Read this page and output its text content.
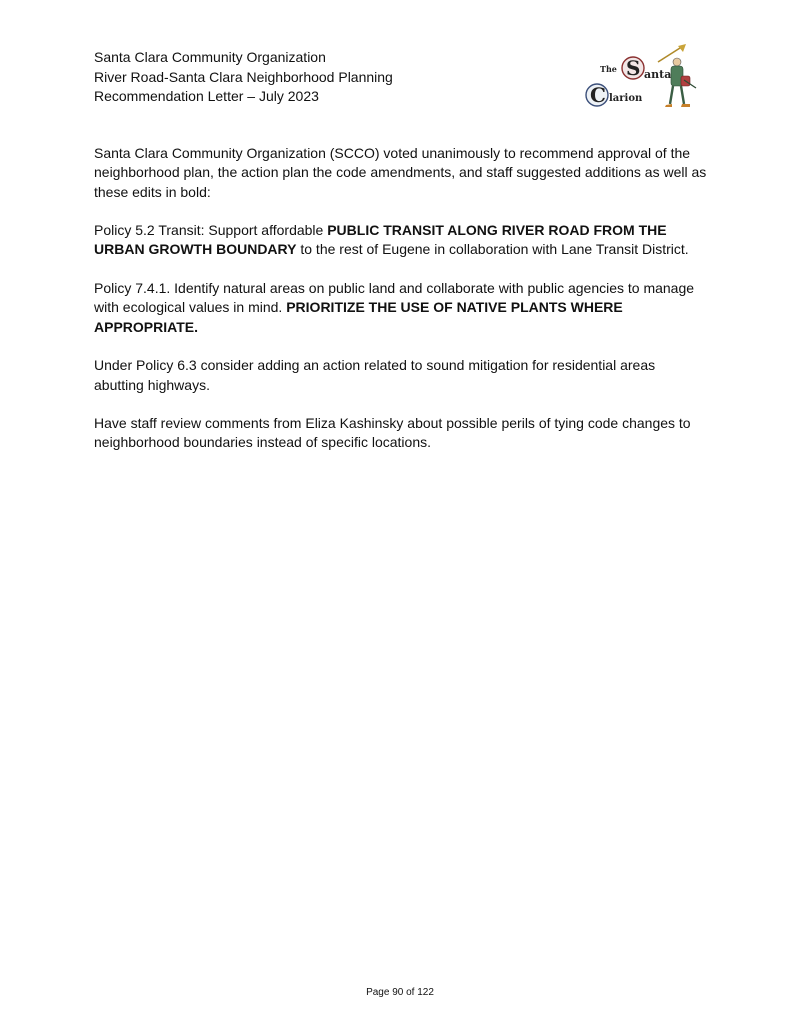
Santa Clara Community Organization
River Road-Santa Clara Neighborhood Planning
Recommendation Letter – July 2023
S
C
The anta
larion

Santa Clara Community Organization (SCCO) voted unanimously to recommend approval of the neighborhood plan, the action plan the code amendments, and staff suggested additions as well as these edits in bold:

Policy 5.2 Transit: Support affordable PUBLIC TRANSIT ALONG RIVER ROAD FROM THE URBAN GROWTH BOUNDARY to the rest of Eugene in collaboration with Lane Transit District.

Policy 7.4.1. Identify natural areas on public land and collaborate with public agencies to manage with ecological values in mind. PRIORITIZE THE USE OF NATIVE PLANTS WHERE APPROPRIATE.

Under Policy 6.3 consider adding an action related to sound mitigation for residential areas abutting highways.

Have staff review comments from Eliza Kashinsky about possible perils of tying code changes to neighborhood boundaries instead of specific locations.

Page 90 of 122
